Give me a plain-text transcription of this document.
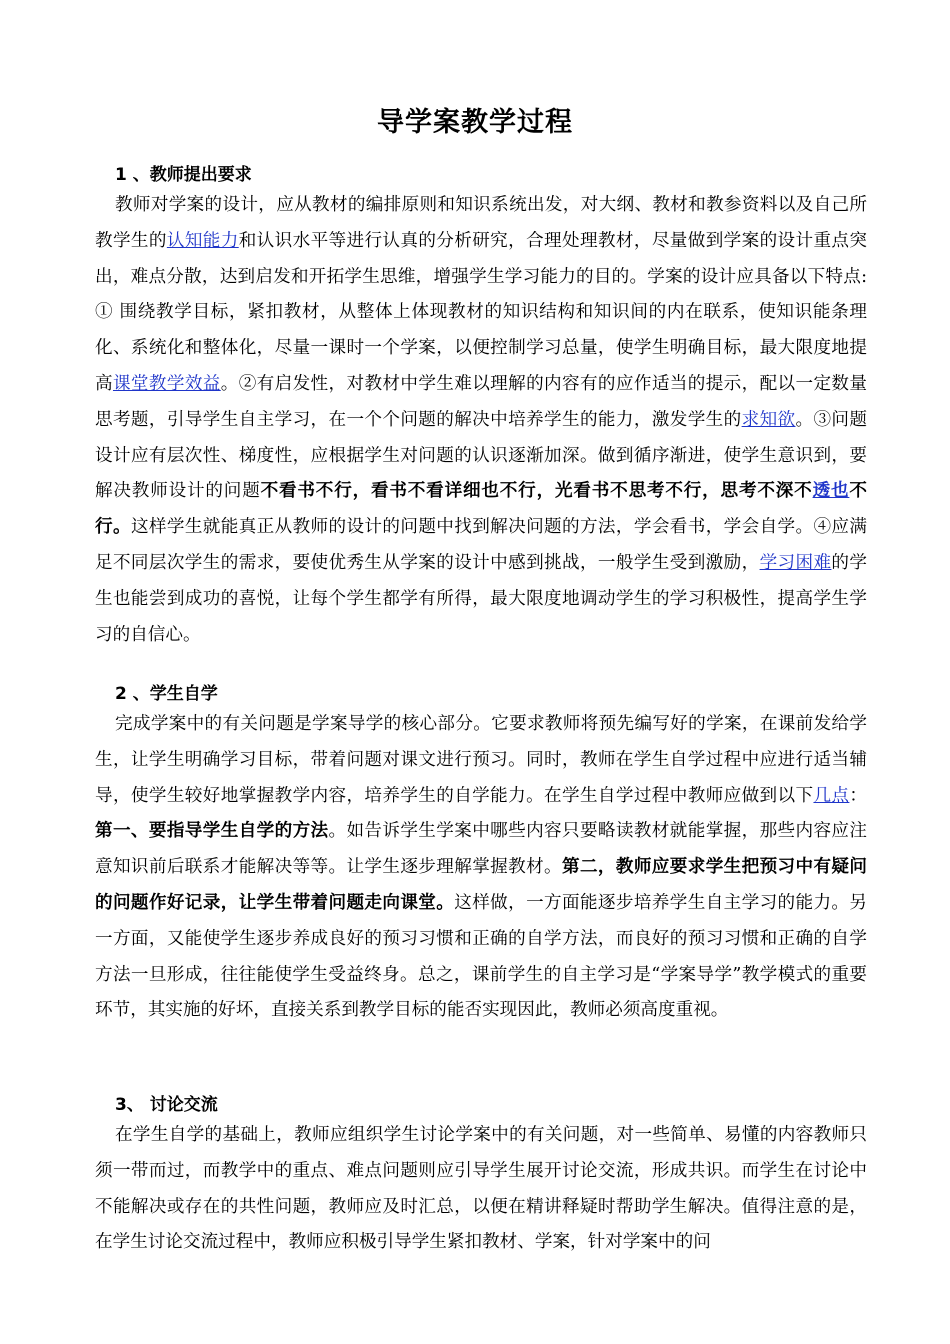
导学案教学过程
1 、教师提出要求
教师对学案的设计，应从教材的编排原则和知识系统出发，对大纲、教材和教参资料以及自己所教学生的认知能力和认识水平等进行认真的分析研究，合理处理教材，尽量做到学案的设计重点突出，难点分散，达到启发和开拓学生思维，增强学生学习能力的目的。学案的设计应具备以下特点:① 围绕教学目标，紧扣教材，从整体上体现教材的知识结构和知识间的内在联系，使知识能条理化、系统化和整体化，尽量一课时一个学案，以便控制学习总量，使学生明确目标，最大限度地提高课堂教学效益。②有启发性，对教材中学生难以理解的内容有的应作适当的提示，配以一定数量思考题，引导学生自主学习，在一个个问题的解决中培养学生的能力，激发学生的求知欲。③问题设计应有层次性、梯度性，应根据学生对问题的认识逐渐加深。做到循序渐进，使学生意识到，要解决教师设计的问题不看书不行，看书不看详细也不行，光看书不思考不行，思考不深不透也不行。这样学生就能真正从教师的设计的问题中找到解决问题的方法，学会看书，学会自学。④应满足不同层次学生的需求，要使优秀生从学案的设计中感到挑战，一般学生受到激励，学习困难的学生也能尝到成功的喜悦，让每个学生都学有所得，最大限度地调动学生的学习积极性，提高学生学习的自信心。
2 、学生自学
完成学案中的有关问题是学案导学的核心部分。它要求教师将预先编写好的学案，在课前发给学生，让学生明确学习目标，带着问题对课文进行预习。同时，教师在学生自学过程中应进行适当辅导，使学生较好地掌握教学内容，培养学生的自学能力。在学生自学过程中教师应做到以下几点：第一、要指导学生自学的方法。如告诉学生学案中哪些内容只要略读教材就能掌握，那些内容应注意知识前后联系才能解决等等。让学生逐步理解掌握教材。第二，教师应要求学生把预习中有疑问的问题作好记录，让学生带着问题走向课堂。这样做，一方面能逐步培养学生自主学习的能力。另一方面，又能使学生逐步养成良好的预习习惯和正确的自学方法，而良好的预习习惯和正确的自学方法一旦形成，往往能使学生受益终身。总之，课前学生的自主学习是“学案导学”教学模式的重要环节，其实施的好坏，直接关系到教学目标的能否实现因此，教师必须高度重视。
3、 讨论交流
在学生自学的基础上，教师应组织学生讨论学案中的有关问题，对一些简单、易懂的内容教师只须一带而过，而教学中的重点、难点问题则应引导学生展开讨论交流，形成共识。而学生在讨论中不能解决或存在的共性问题，教师应及时汇总，以便在精讲释疑时帮助学生解决。值得注意的是，在学生讨论交流过程中，教师应积极引导学生紧扣教材、学案，针对学案中的问
